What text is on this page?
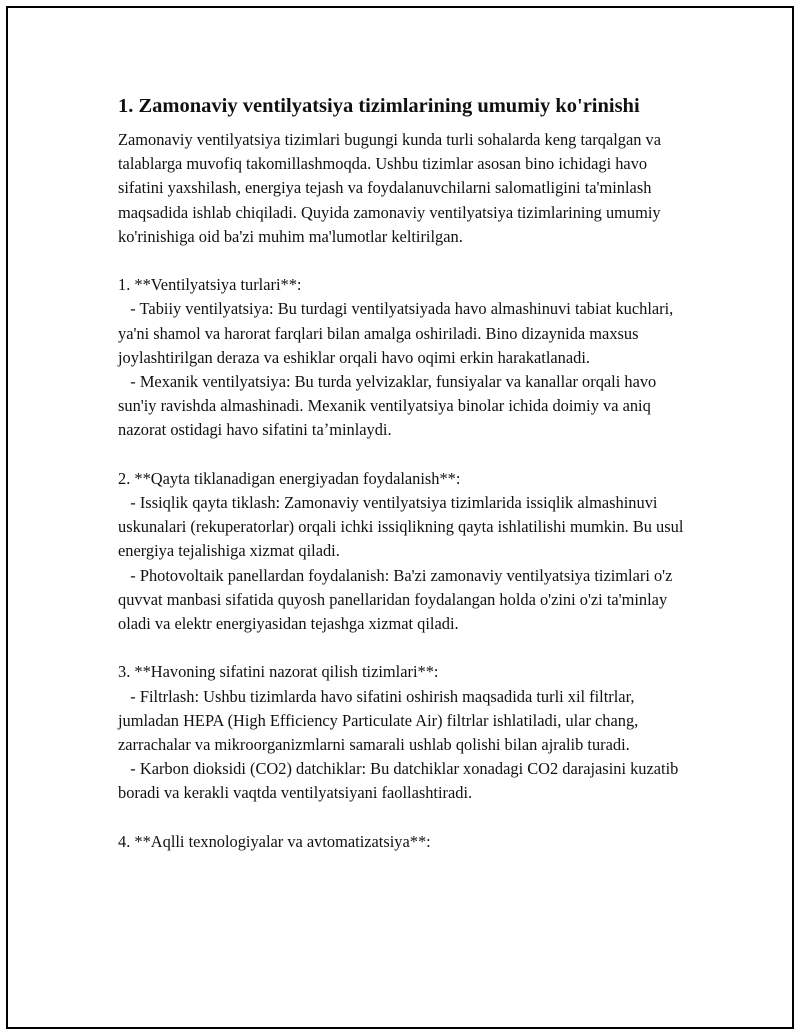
1. Zamonaviy ventilyatsiya tizimlarining umumiy ko'rinishi

Zamonaviy ventilyatsiya tizimlari bugungi kunda turli sohalarda keng tarqalgan va talablarga muvofiq takomillashmoqda. Ushbu tizimlar asosan bino ichidagi havo sifatini yaxshilash, energiya tejash va foydalanuvchilarni salomatligini ta'minlash maqsadida ishlab chiqiladi. Quyida zamonaviy ventilyatsiya tizimlarining umumiy ko'rinishiga oid ba'zi muhim ma'lumotlar keltirilgan.

1. **Ventilyatsiya turlari**:

- Tabiiy ventilyatsiya: Bu turdagi ventilyatsiyada havo almashinuvi tabiat kuchlari, ya'ni shamol va harorat farqlari bilan amalga oshiriladi. Bino dizaynida maxsus joylashtirilgan deraza va eshiklar orqali havo oqimi erkin harakatlanadi.

- Mexanik ventilyatsiya: Bu turda yelvizaklar, funsiyalar va kanallar orqali havo sun'iy ravishda almashinadi. Mexanik ventilyatsiya binolar ichida doimiy va aniq nazorat ostidagi havo sifatini taʼminlaydi.

2. **Qayta tiklanadigan energiyadan foydalanish**:

- Issiqlik qayta tiklash: Zamonaviy ventilyatsiya tizimlarida issiqlik almashinuvi uskunalari (rekuperatorlar) orqali ichki issiqlikning qayta ishlatilishi mumkin. Bu usul energiya tejalishiga xizmat qiladi.

- Photovoltaik panellardan foydalanish: Ba'zi zamonaviy ventilyatsiya tizimlari o'z quvvat manbasi sifatida quyosh panellaridan foydalangan holda o'zini o'zi ta'minlay oladi va elektr energiyasidan tejashga xizmat qiladi.

3. **Havoning sifatini nazorat qilish tizimlari**:

- Filtrlash: Ushbu tizimlarda havo sifatini oshirish maqsadida turli xil filtrlar, jumladan HEPA (High Efficiency Particulate Air) filtrlar ishlatiladi, ular chang, zarrachalar va mikroorganizmlarni samarali ushlab qolishi bilan ajralib turadi.

- Karbon dioksidi (CO2) datchiklar: Bu datchiklar xonadagi CO2 darajasini kuzatib boradi va kerakli vaqtda ventilyatsiyani faollashtiradi.

4. **Aqlli texnologiyalar va avtomatizatsiya**:
